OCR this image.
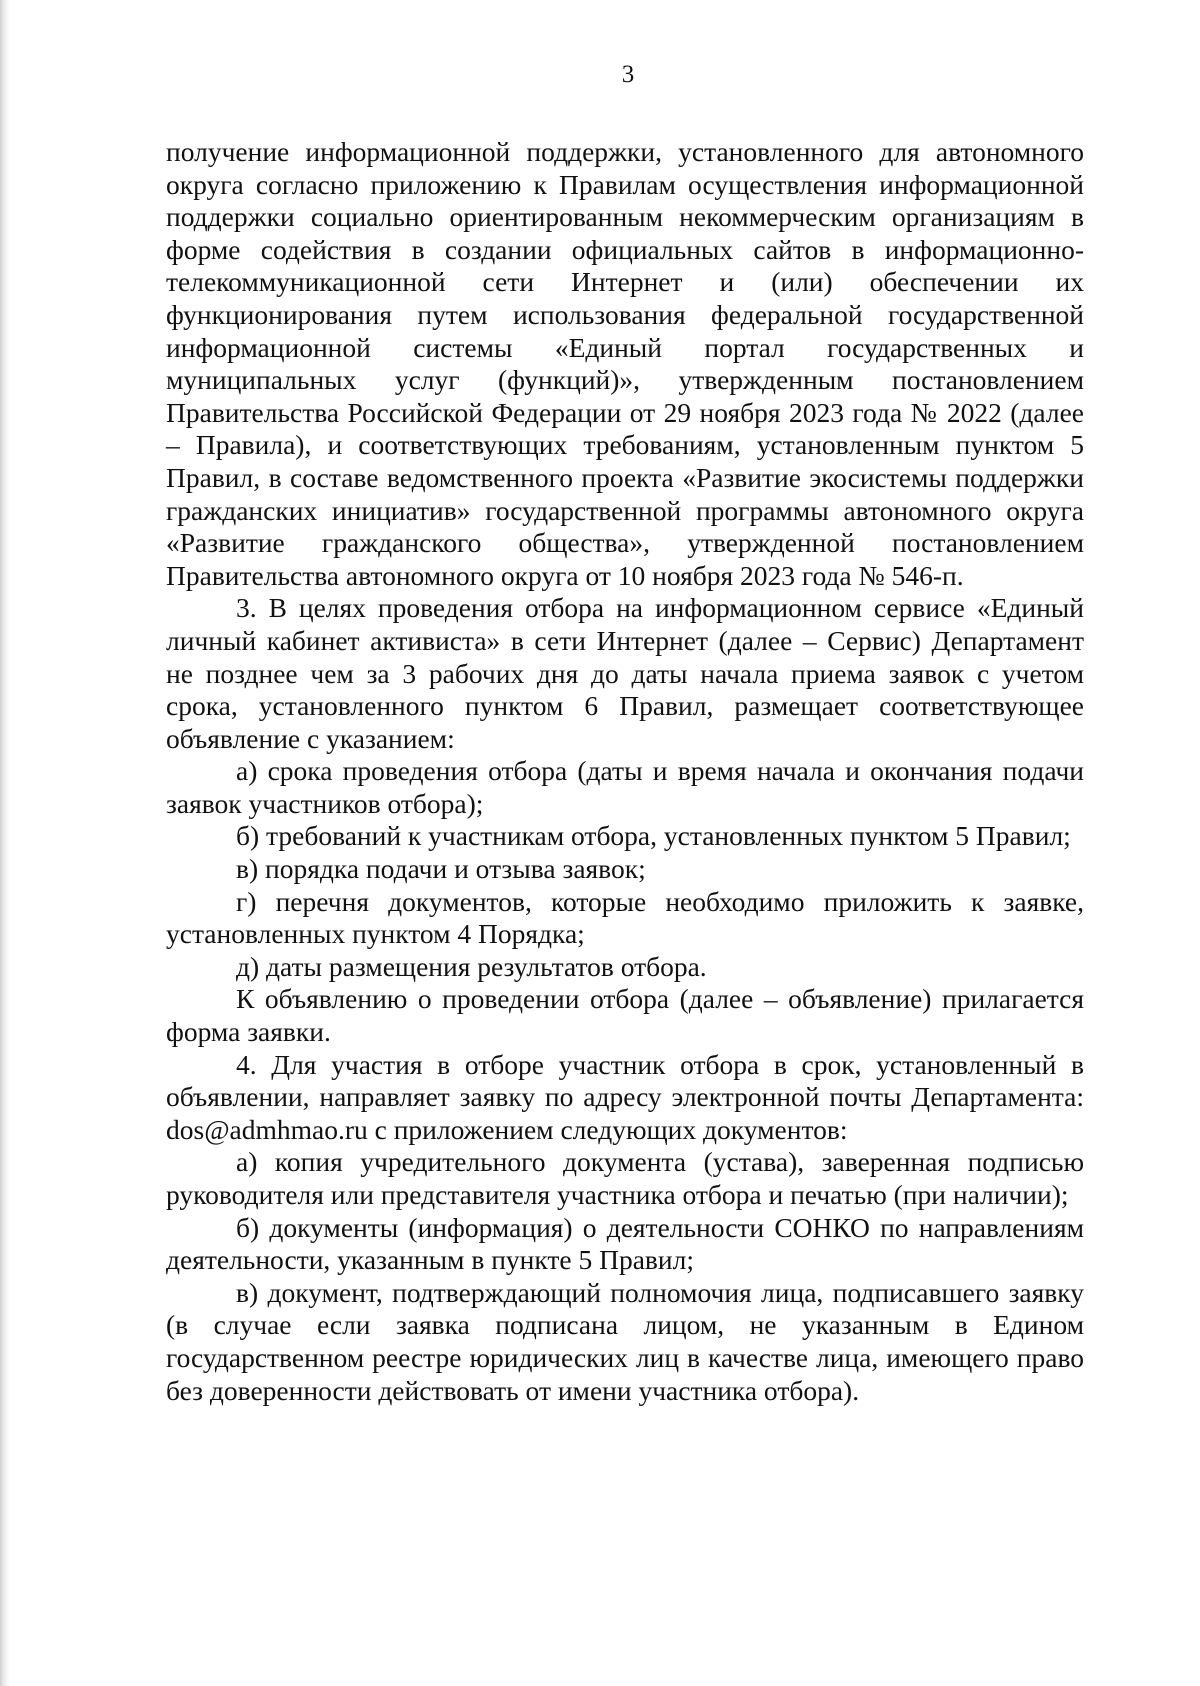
3

получение информационной поддержки, установленного для автономного округа согласно приложению к Правилам осуществления информационной поддержки социально ориентированным некоммерческим организациям в форме содействия в создании официальных сайтов в информационно-телекоммуникационной сети Интернет и (или) обеспечении их функционирования путем использования федеральной государственной информационной системы «Единый портал государственных и муниципальных услуг (функций)», утвержденным постановлением Правительства Российской Федерации от 29 ноября 2023 года № 2022 (далее – Правила), и соответствующих требованиям, установленным пунктом 5 Правил, в составе ведомственного проекта «Развитие экосистемы поддержки гражданских инициатив» государственной программы автономного округа «Развитие гражданского общества», утвержденной постановлением Правительства автономного округа от 10 ноября 2023 года № 546-п.

3. В целях проведения отбора на информационном сервисе «Единый личный кабинет активиста» в сети Интернет (далее – Сервис) Департамент не позднее чем за 3 рабочих дня до даты начала приема заявок с учетом срока, установленного пунктом 6 Правил, размещает соответствующее объявление с указанием:

а) срока проведения отбора (даты и время начала и окончания подачи заявок участников отбора);

б) требований к участникам отбора, установленных пунктом 5 Правил;

в) порядка подачи и отзыва заявок;

г) перечня документов, которые необходимо приложить к заявке, установленных пунктом 4 Порядка;

д) даты размещения результатов отбора.

К объявлению о проведении отбора (далее – объявление) прилагается форма заявки.

4. Для участия в отборе участник отбора в срок, установленный в объявлении, направляет заявку по адресу электронной почты Департамента: dos@admhmao.ru с приложением следующих документов:

а) копия учредительного документа (устава), заверенная подписью руководителя или представителя участника отбора и печатью (при наличии);

б) документы (информация) о деятельности СОНКО по направлениям деятельности, указанным в пункте 5 Правил;

в) документ, подтверждающий полномочия лица, подписавшего заявку (в случае если заявка подписана лицом, не указанным в Едином государственном реестре юридических лиц в качестве лица, имеющего право без доверенности действовать от имени участника отбора).
